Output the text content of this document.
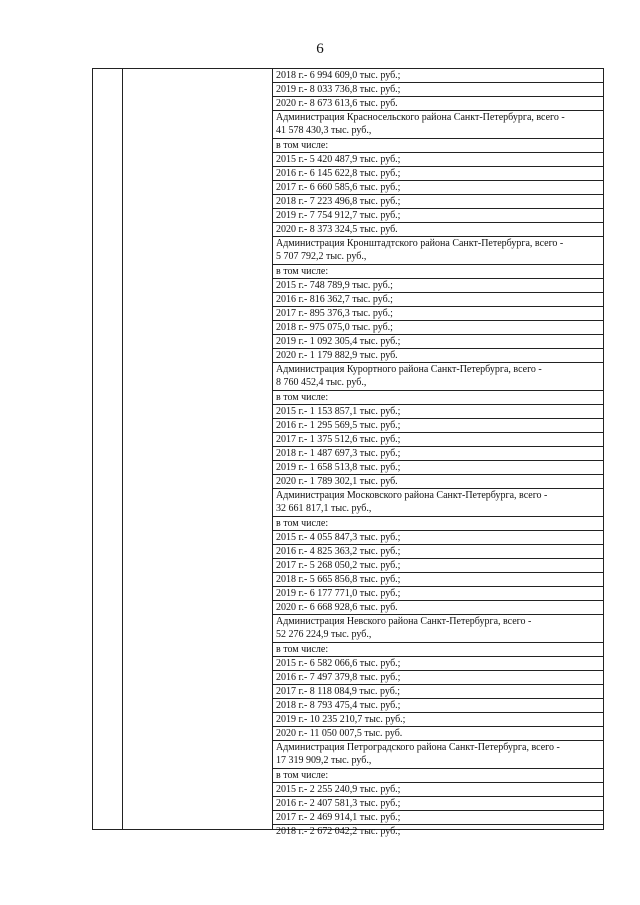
6
2018 г.- 6 994 609,0 тыс. руб.;
2019 г.- 8 033 736,8 тыс. руб.;
2020 г.- 8 673 613,6 тыс. руб.
Администрация Красносельского района Санкт-Петербурга, всего -
41 578 430,3 тыс. руб.,
в том числе:
2015 г.- 5 420 487,9 тыс. руб.;
2016 г.- 6 145 622,8 тыс. руб.;
2017 г.- 6 660 585,6 тыс. руб.;
2018 г.- 7 223 496,8 тыс. руб.;
2019 г.- 7 754 912,7 тыс. руб.;
2020 г.- 8 373 324,5 тыс. руб.
Администрация Кронштадтского района Санкт-Петербурга, всего -
5 707 792,2 тыс. руб.,
в том числе:
2015 г.- 748 789,9 тыс. руб.;
2016 г.- 816 362,7 тыс. руб.;
2017 г.- 895 376,3 тыс. руб.;
2018 г.- 975 075,0 тыс. руб.;
2019 г.- 1 092 305,4 тыс. руб.;
2020 г.- 1 179 882,9 тыс. руб.
Администрация Курортного района Санкт-Петербурга, всего -
8 760 452,4 тыс. руб.,
в том числе:
2015 г.- 1 153 857,1 тыс. руб.;
2016 г.- 1 295 569,5 тыс. руб.;
2017 г.- 1 375 512,6 тыс. руб.;
2018 г.- 1 487 697,3 тыс. руб.;
2019 г.- 1 658 513,8 тыс. руб.;
2020 г.- 1 789 302,1 тыс. руб.
Администрация Московского района Санкт-Петербурга, всего -
32 661 817,1 тыс. руб.,
в том числе:
2015 г.- 4 055 847,3 тыс. руб.;
2016 г.- 4 825 363,2 тыс. руб.;
2017 г.- 5 268 050,2 тыс. руб.;
2018 г.- 5 665 856,8 тыс. руб.;
2019 г.- 6 177 771,0 тыс. руб.;
2020 г.- 6 668 928,6 тыс. руб.
Администрация Невского района Санкт-Петербурга, всего -
52 276 224,9 тыс. руб.,
в том числе:
2015 г.- 6 582 066,6 тыс. руб.;
2016 г.- 7 497 379,8 тыс. руб.;
2017 г.- 8 118 084,9 тыс. руб.;
2018 г.- 8 793 475,4 тыс. руб.;
2019 г.- 10 235 210,7 тыс. руб.;
2020 г.- 11 050 007,5 тыс. руб.
Администрация Петроградского района Санкт-Петербурга, всего -
17 319 909,2 тыс. руб.,
в том числе:
2015 г.- 2 255 240,9 тыс. руб.;
2016 г.- 2 407 581,3 тыс. руб.;
2017 г.- 2 469 914,1 тыс. руб.;
2018 г.- 2 672 042,2 тыс. руб.;
